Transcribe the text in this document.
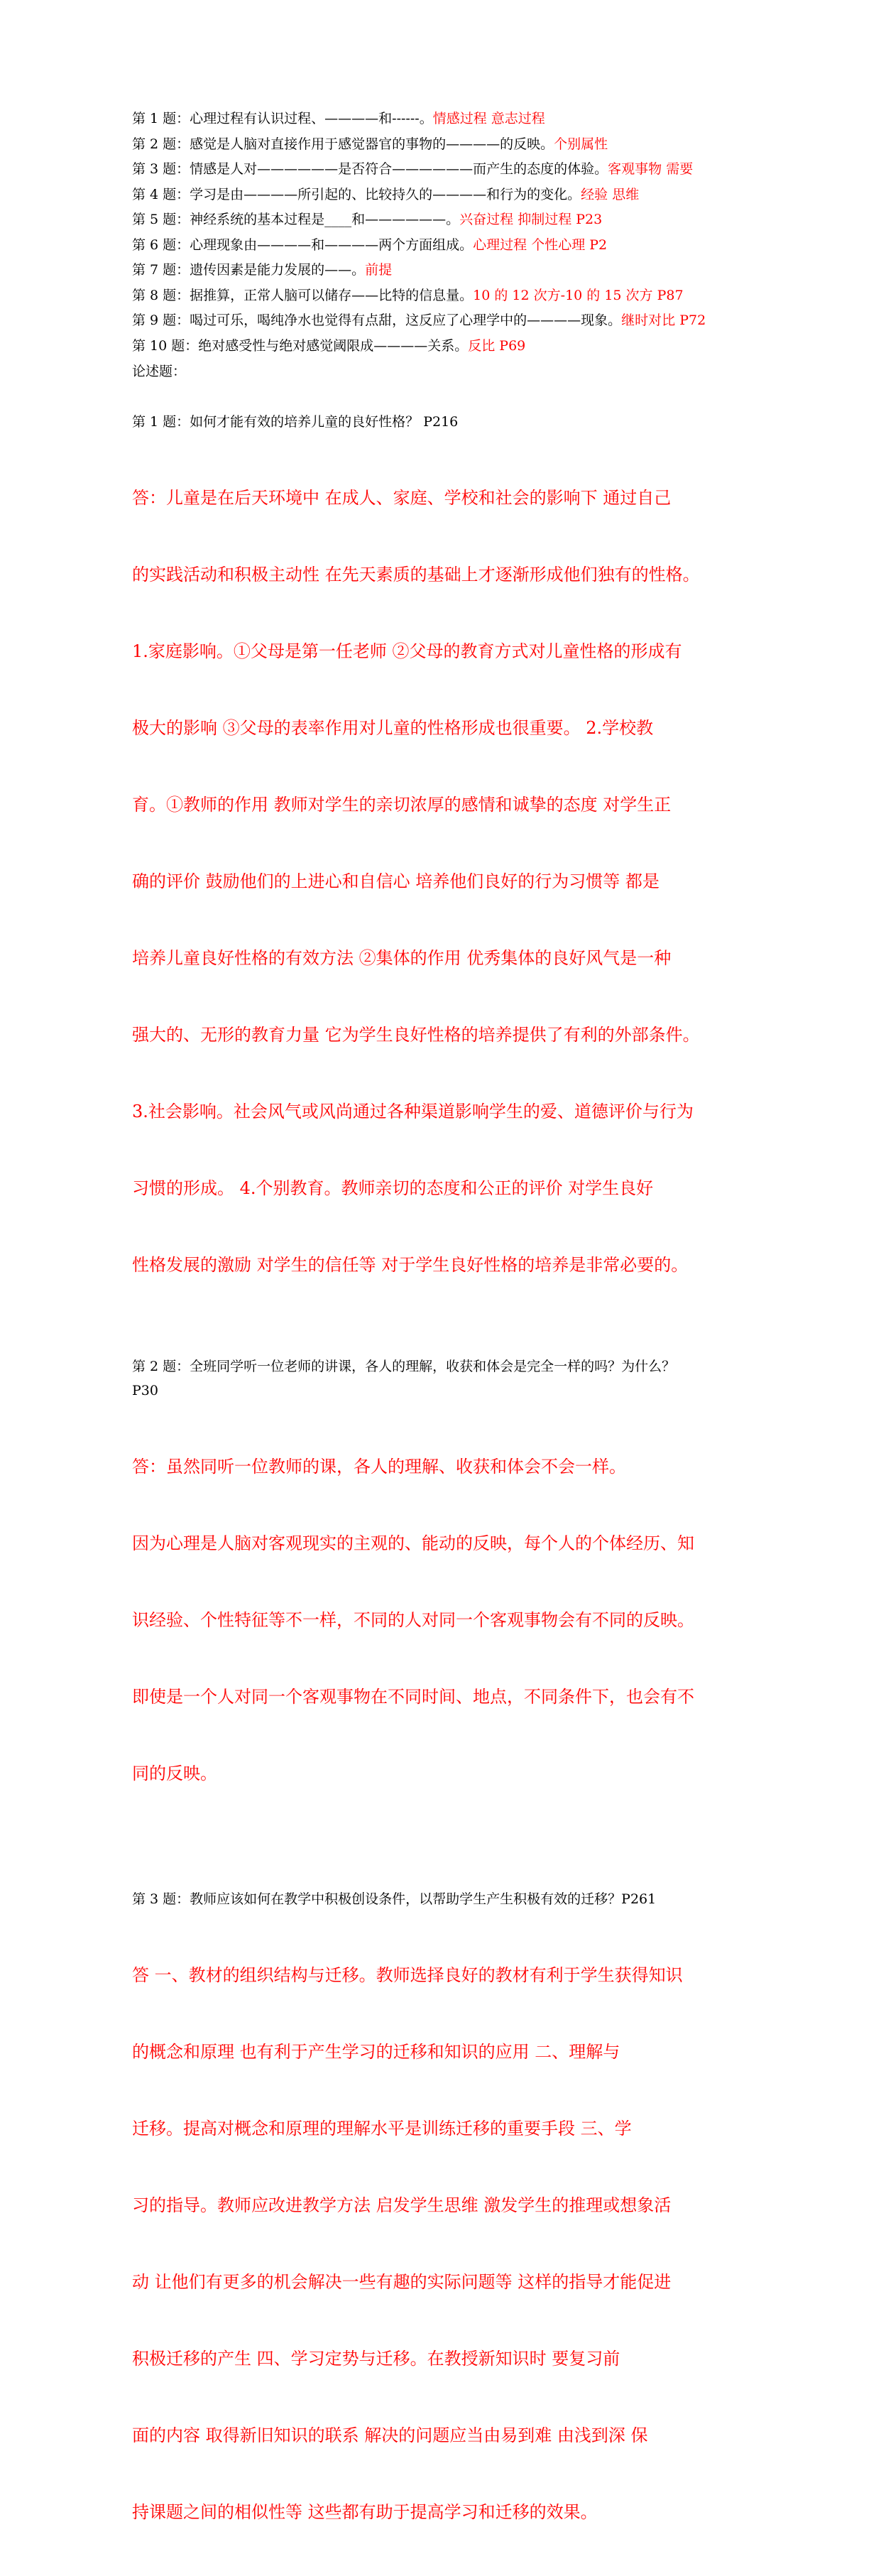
第 1 题：心理过程有认识过程、————和------。情感过程 意志过程
第 2 题：感觉是人脑对直接作用于感觉器官的事物的————的反映。个别属性
第 3 题：情感是人对——————是否符合——————而产生的态度的体验。客观事物 需要
第 4 题：学习是由————所引起的、比较持久的————和行为的变化。经验 思维
第 5 题：神经系统的基本过程是____和——————。兴奋过程 抑制过程 P23
第 6 题：心理现象由————和————两个方面组成。心理过程 个性心理 P2
第 7 题：遗传因素是能力发展的——。前提
第 8 题：据推算，正常人脑可以储存——比特的信息量。10 的 12 次方-10 的 15 次方 P87
第 9 题：喝过可乐，喝纯净水也觉得有点甜，这反应了心理学中的————现象。继时对比 P72
第 10 题：绝对感受性与绝对感觉阈限成————关系。反比 P69
论述题：

第 1 题：如何才能有效的培养儿童的良好性格？ P216

答：儿童是在后天环境中 在成人、家庭、学校和社会的影响下 通过自己

的实践活动和积极主动性 在先天素质的基础上才逐渐形成他们独有的性格。

1.家庭影响。①父母是第一任老师 ②父母的教育方式对儿童性格的形成有

极大的影响 ③父母的表率作用对儿童的性格形成也很重要。 2.学校教

育。①教师的作用 教师对学生的亲切浓厚的感情和诚挚的态度 对学生正

确的评价 鼓励他们的上进心和自信心 培养他们良好的行为习惯等 都是

培养儿童良好性格的有效方法 ②集体的作用 优秀集体的良好风气是一种

强大的、无形的教育力量 它为学生良好性格的培养提供了有利的外部条件。

3.社会影响。社会风气或风尚通过各种渠道影响学生的爱、道德评价与行为

习惯的形成。 4.个别教育。教师亲切的态度和公正的评价 对学生良好

性格发展的激励 对学生的信任等 对于学生良好性格的培养是非常必要的。

第 2 题：全班同学听一位老师的讲课，各人的理解，收获和体会是完全一样的吗？为什么？
P30

答：虽然同听一位教师的课，各人的理解、收获和体会不会一样。

因为心理是人脑对客观现实的主观的、能动的反映，每个人的个体经历、知

识经验、个性特征等不一样，不同的人对同一个客观事物会有不同的反映。

即使是一个人对同一个客观事物在不同时间、地点，不同条件下，也会有不

同的反映。

第 3 题：教师应该如何在教学中积极创设条件，以帮助学生产生积极有效的迁移？P261

答 一、教材的组织结构与迁移。教师选择良好的教材有利于学生获得知识

的概念和原理 也有利于产生学习的迁移和知识的应用 二、理解与

迁移。提高对概念和原理的理解水平是训练迁移的重要手段 三、学

习的指导。教师应改进教学方法 启发学生思维 激发学生的推理或想象活

动 让他们有更多的机会解决一些有趣的实际问题等 这样的指导才能促进

积极迁移的产生 四、学习定势与迁移。在教授新知识时 要复习前

面的内容 取得新旧知识的联系 解决的问题应当由易到难 由浅到深 保

持课题之间的相似性等 这些都有助于提高学习和迁移的效果。
